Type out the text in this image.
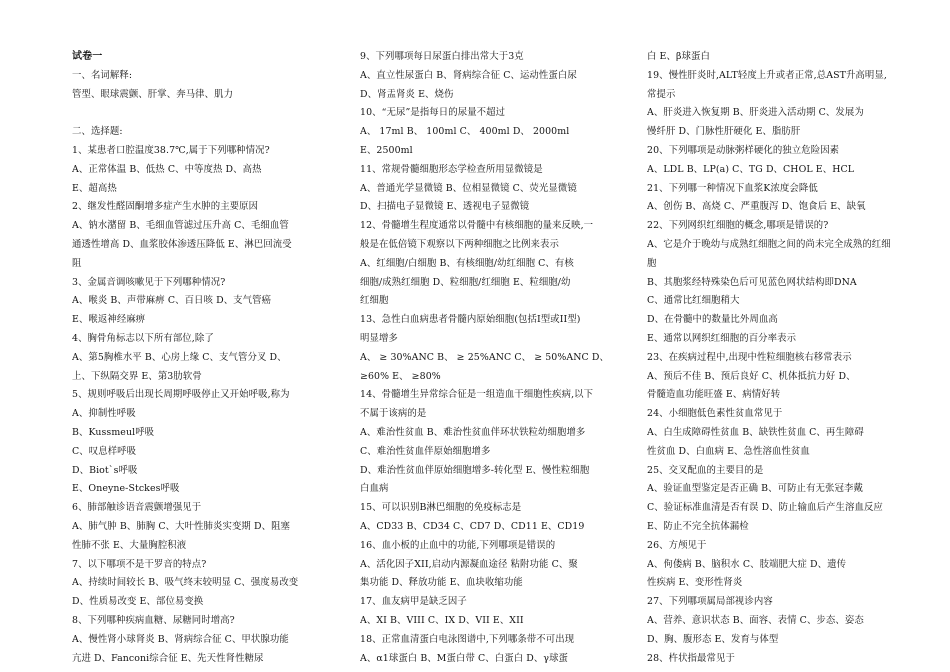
试卷一
一、名词解释:
管型、眼球震颤、肝掌、奔马律、肌力
二、选择题:
1、某患者口腔温度38.7℃,属于下列哪种情况?
A、正常体温 B、低热 C、中等度热 D、高热
E、超高热
2、继发性醛固酮增多症产生水肿的主要原因
A、钠水潴留 B、毛细血管滤过压升高 C、毛细血管
通透性增高 D、血浆胶体渗透压降低 E、淋巴回流受
阻
3、金属音调咳嗽见于下列哪种情况?
A、喉炎 B、声带麻痹 C、百日咳 D、支气管癌
E、喉返神经麻痹
4、胸骨角标志以下所有部位,除了
A、第5胸椎水平 B、心房上缘 C、支气管分叉 D、
上、下纵隔交界 E、第3肋软骨
5、规则呼吸后出现长周期呼吸停止又开始呼吸,称为
A、抑制性呼吸
B、Kussmeul呼吸
C、叹息样呼吸
D、Biot`s呼吸
E、Oneyne-Stckes呼吸
6、肺部触诊语音震颤增强见于
A、肺气肿 B、肺胸 C、大叶性肺炎实变期 D、阻塞
性肺不张 E、大量胸腔积液
7、以下哪项不是干罗音的特点?
A、持续时间较长 B、吸气终末较明显 C、强度易改变
D、性质易改变 E、部位易变换
8、下列哪种疾病血糖、尿糖同时增高?
A、慢性肾小球肾炎 B、肾病综合征 C、甲状腺功能
亢进 D、Fanconi综合征 E、先天性肾性糖尿
9、下列哪项每日尿蛋白排出常大于3克
A、直立性尿蛋白 B、肾病综合征 C、运动性蛋白尿
D、肾盂肾炎 E、烧伤
10、“无尿”是指每日的尿量不超过
A、 17ml B、 100ml C、 400ml D、 2000ml
E、2500ml
11、常规骨髓细胞形态学检查所用显微镜是
A、普通光学显微镜 B、位相显微镜 C、荧光显微镜
D、扫描电子显微镜 E、透视电子显微镜
12、骨髓增生程度通常以骨髓中有核细胞的量来反映,一
般是在低倍镜下观察以下两种细胞之比例来表示
A、红细胞/白细胞 B、有核细胞/幼红细胞 C、有核
细胞/成熟红细胞 D、粒细胞/红细胞 E、粒细胞/幼
红细胞
13、急性白血病患者骨髓内原始细胞(包括I型或II型)
明显增多
A、 ≥ 30%ANC B、 ≥ 25%ANC C、 ≥ 50%ANC D、
≥60% E、 ≥80%
14、骨髓增生异常综合征是一组造血干细胞性疾病,以下
不属于该病的是
A、难治性贫血 B、难治性贫血伴环状铁粒幼细胞增多
C、难治性贫血伴原始细胞增多
D、难治性贫血伴原始细胞增多-转化型 E、慢性粒细胞
白血病
15、可以识别B淋巴细胞的免疫标志是
A、CD33 B、CD34 C、CD7 D、CD11 E、CD19
16、血小板的止血中的功能,下列哪项是错误的
A、活化因子XII,启动内源凝血途径 粘附功能 C、聚
集功能 D、释放功能 E、血块收缩功能
17、血友病甲是缺乏因子
A、XI B、VIII C、IX D、VII E、XII
18、正常血清蛋白电泳图谱中,下列哪条带不可出现
A、α1球蛋白 B、M蛋白带 C、白蛋白 D、γ球蛋
白 E、β球蛋白
19、慢性肝炎时,ALT轻度上升或者正常,总AST升高明显,
常提示
A、肝炎进入恢复期 B、肝炎进入活动期 C、发展为
慢纤肝 D、门脉性肝硬化 E、脂肪肝
20、下列哪项是动脉粥样硬化的独立危险因素
A、LDL B、LP(a) C、TG D、CHOL E、HCL
21、下列哪一种情况下血浆K浓度会降低
A、创伤 B、高烧 C、严重腹泻 D、饱食后 E、缺氧
22、下列网织红细胞的概念,哪项是错误的?
A、它是介于晚幼与成熟红细胞之间的尚未完全成熟的红细
胞
B、其胞浆经特殊染色后可见蓝色网状结构即DNA
C、通常比红细胞稍大
D、在骨髓中的数量比外周血高
E、通常以网织红细胞的百分率表示
23、在疾病过程中,出现中性粒细胞核右移常表示
A、预后不佳 B、预后良好 C、机体抵抗力好 D、
骨髓造血功能旺盛 E、病情好转
24、小细胞低色素性贫血常见于
A、白生成障碍性贫血 B、缺铁性贫血 C、再生障碍
性贫血 D、白血病 E、急性溶血性贫血
25、交叉配血的主要目的是
A、验证血型鉴定是否正确 B、可防止有无张冠李戴
C、验证标准血清是否有误 D、防止输血后产生溶血反应
E、防止不完全抗体漏检
26、方颅见于
A、佝偻病 B、脑积水 C、肢端肥大症 D、遗传
性疾病 E、变形性肾炎
27、下列哪项属局部视诊内容
A、营养、意识状态 B、面容、表情 C、步态、姿态
D、胸、腹形态 E、发育与体型
28、杵状指最常见于
